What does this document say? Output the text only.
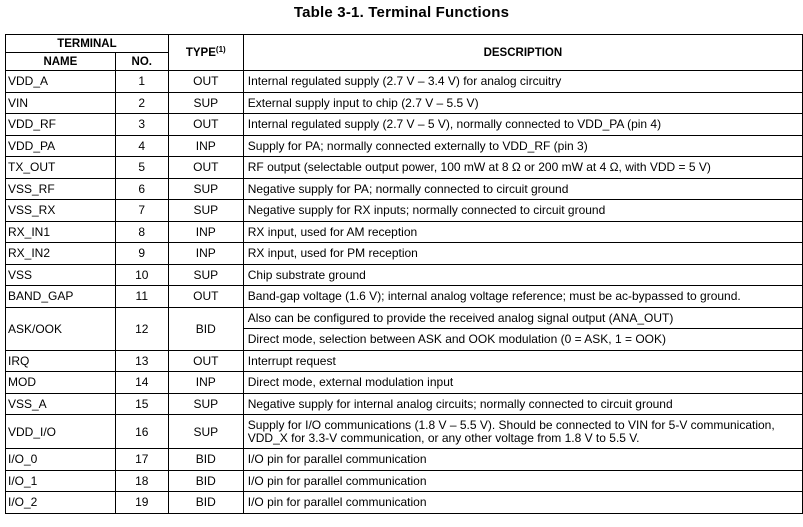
Table 3-1. Terminal Functions
TERMINAL		TYPE$^{(1)}$	DESCRIPTION
NAME	NO.		
VDD_A	1	OUT	Internal regulated supply (2.7 V – 3.4 V) for analog circuitry
VIN	2	SUP	External supply input to chip (2.7 V – 5.5 V)
VDD_RF	3	OUT	Internal regulated supply (2.7 V – 5 V), normally connected to VDD_PA (pin 4)
VDD_PA	4	INP	Supply for PA; normally connected externally to VDD_RF (pin 3)
TX_OUT	5	OUT	RF output (selectable output power, 100 mW at 8 Ω or 200 mW at 4 Ω, with VDD = 5 V)
VSS_RF	6	SUP	Negative supply for PA; normally connected to circuit ground
VSS_RX	7	SUP	Negative supply for RX inputs; normally connected to circuit ground
RX_IN1	8	INP	RX input, used for AM reception
RX_IN2	9	INP	RX input, used for PM reception
VSS	10	SUP	Chip substrate ground
BAND_GAP	11	OUT	Band-gap voltage (1.6 V); internal analog voltage reference; must be ac-bypassed to ground.
ASK/OOK	12	BID	Also can be configured to provide the received analog signal output (ANA_OUT)
			Direct mode, selection between ASK and OOK modulation (0 = ASK, 1 = OOK)
IRQ	13	OUT	Interrupt request
MOD	14	INP	Direct mode, external modulation input
VSS_A	15	SUP	Negative supply for internal analog circuits; normally connected to circuit ground
VDD_I/O	16	SUP	Supply for I/O communications (1.8 V – 5.5 V). Should be connected to VIN for 5-V communication, VDD_X for 3.3-V communication, or any other voltage from 1.8 V to 5.5 V.
I/O_0	17	BID	I/O pin for parallel communication
I/O_1	18	BID	I/O pin for parallel communication
I/O_2	19	BID	I/O pin for parallel communication
